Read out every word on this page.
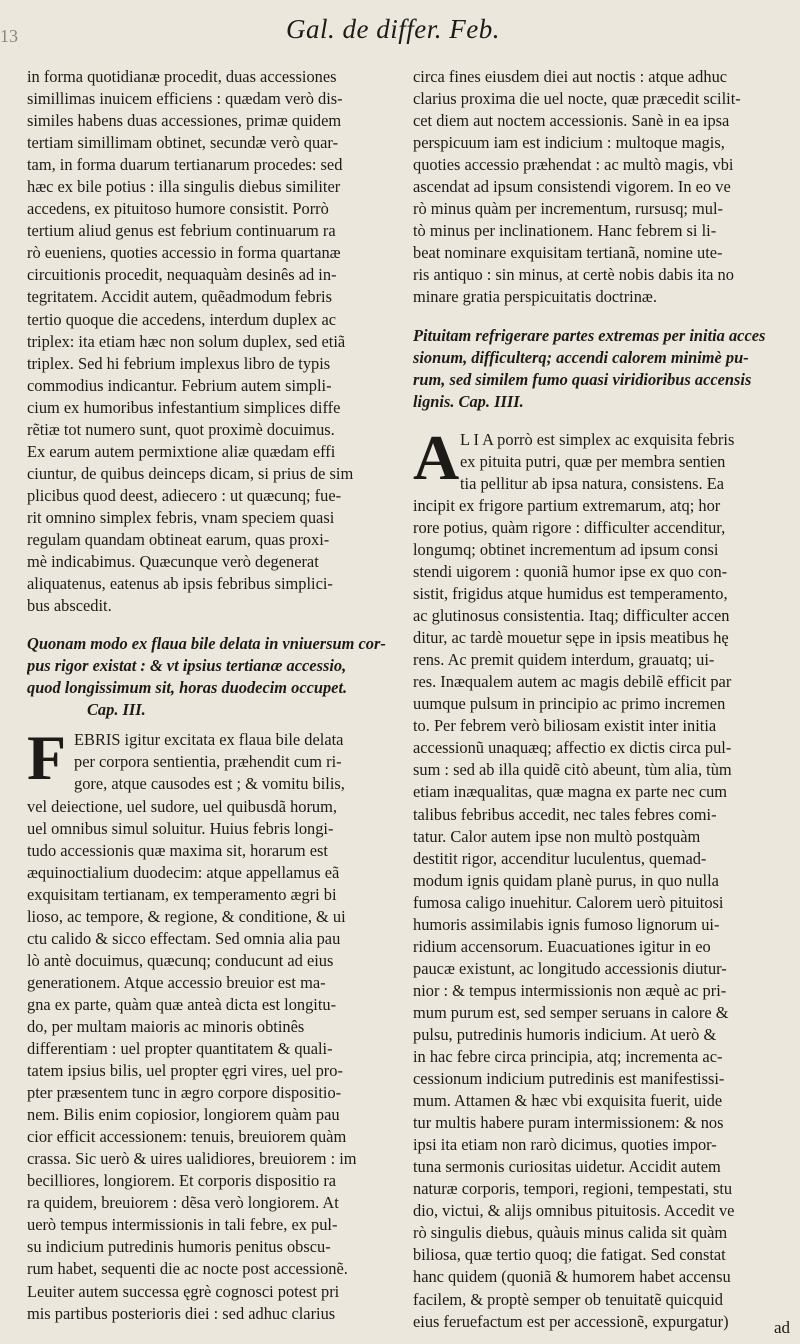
13	Gal. de differ. Feb.
in forma quotidianæ procedit, duas accessiones
simillimas inuicem efficiens : quædam verò dis-
similes habens duas accessiones, primæ quidem
tertiam simillimam obtinet, secundæ verò quar-
tam, in forma duarum tertianarum procedes: sed
hæc ex bile potius : illa singulis diebus similiter
accedens, ex pituitoso humore consistit. Porrò
tertium aliud genus est febrium continuarum ra
rò eueniens, quoties accessio in forma quartanæ
circuitionis procedit, nequaquàm desinês ad in-
tegritatem. Accidit autem, quẽadmodum febris
tertio quoque die accedens, interdum duplex ac
triplex: ita etiam hæc non solum duplex, sed etiã
triplex. Sed hi febrium implexus libro de typis
commodius indicantur. Febrium autem simpli-
cium ex humoribus infestantium simplices diffe
rẽtiæ tot numero sunt, quot proximè docuimus.
Ex earum autem permixtione aliæ quædam effi
ciuntur, de quibus deinceps dicam, si prius de sim
plicibus quod deest, adiecero : ut quæcunq; fue-
rit omnino simplex febris, vnam speciem quasi
regulam quandam obtineat earum, quas proxi-
mè indicabimus. Quæcunque verò degenerat
aliquatenus, eatenus ab ipsis febribus simplici-
bus abscedit.
Quonam modo ex flaua bile delata in vniuersum cor-
pus rigor existat : & vt ipsius tertianæ accessio,
quod longissimum sit, horas duodecim occupet.
Cap. III.
F EBRIS igitur excitata ex flaua bile delata
per corpora sentientia, præhendit cum ri-
gore, atque causodes est ; & vomitu bilis,
vel deiectione, uel sudore, uel quibusdã horum,
uel omnibus simul soluitur. Huius febris longi-
tudo accessionis quæ maxima sit, horarum est
æquinoctialium duodecim: atque appellamus eã
exquisitam tertianam, ex temperamento ægri bi
lioso, ac tempore, & regione, & conditione, & ui
ctu calido & sicco effectam. Sed omnia alia pau
lò antè docuimus, quæcunq; conducunt ad eius
generationem. Atque accessio breuior est ma-
gna ex parte, quàm quæ anteà dicta est longitu-
do, per multam maioris ac minoris obtinês
differentiam : uel propter quantitatem & quali-
tatem ipsius bilis, uel propter ęgri vires, uel pro-
pter præsentem tunc in ægro corpore dispositio-
nem. Bilis enim copiosior, longiorem quàm pau
cior efficit accessionem: tenuis, breuiorem quàm
crassa. Sic uerò & uires ualidiores, breuiorem : im
becilliores, longiorem. Et corporis dispositio ra
ra quidem, breuiorem : dẽsa verò longiorem. At
uerò tempus intermissionis in tali febre, ex pul-
su indicium putredinis humoris penitus obscu-
rum habet, sequenti die ac nocte post accessionẽ.
Leuiter autem successa ęgrè cognosci potest pri
mis partibus posterioris diei : sed adhuc clarius
circa fines eiusdem diei aut noctis : atque adhuc
clarius proxima die uel nocte, quæ præcedit scilit-
cet diem aut noctem accessionis. Sanè in ea ipsa
perspicuum iam est indicium : multoque magis,
quoties accessio præhendat : ac multò magis, vbi
ascendat ad ipsum consistendi vigorem. In eo ve
rò minus quàm per incrementum, rursusq; mul-
tò minus per inclinationem. Hanc febrem si li-
beat nominare exquisitam tertianã, nomine ute-
ris antiquo : sin minus, at certè nobis dabis ita no
minare gratia perspicuitatis doctrinæ.
Pituitam refrigerare partes extremas per initia acces
sionum, difficulterq; accendi calorem minimè pu-
rum, sed similem fumo quasi viridioribus accensis
lignis. Cap. IIII.
A L I A porrò est simplex ac exquisita febris
ex pituita putri, quæ per membra sentien
tia pellitur ab ipsa natura, consistens. Ea
incipit ex frigore partium extremarum, atq; hor
rore potius, quàm rigore : difficulter accenditur,
longumq; obtinet incrementum ad ipsum consi
stendi uigorem : quoniã humor ipse ex quo con-
sistit, frigidus atque humidus est temperamento,
ac glutinosus consistentia. Itaq; difficulter accen
ditur, ac tardè mouetur sępe in ipsis meatibus hę
rens. Ac premit quidem interdum, grauatq; ui-
res. Inæqualem autem ac magis debilẽ efficit par
uumque pulsum in principio ac primo incremen
to. Per febrem verò biliosam existit inter initia
accessionũ unaquæq; affectio ex dictis circa pul-
sum : sed ab illa quidẽ citò abeunt, tùm alia, tùm
etiam inæqualitas, quæ magna ex parte nec cum
talibus febribus accedit, nec tales febres comi-
tatur. Calor autem ipse non multò postquàm
destitit rigor, accenditur luculentus, quemad-
modum ignis quidam planè purus, in quo nulla
fumosa caligo inuehitur. Calorem uerò pituitosi
humoris assimilabis ignis fumoso lignorum ui-
ridium accensorum. Euacuationes igitur in eo
paucæ existunt, ac longitudo accessionis diutur-
nior : & tempus intermissionis non æquè ac pri-
mum purum est, sed semper seruans in calore &
pulsu, putredinis humoris indicium. At uerò &
in hac febre circa principia, atq; incrementa ac-
cessionum indicium putredinis est manifestissi-
mum. Attamen & hæc vbi exquisita fuerit, uide
tur multis habere puram intermissionem: & nos
ipsi ita etiam non rarò dicimus, quoties impor-
tuna sermonis curiositas uidetur. Accidit autem
naturæ corporis, tempori, regioni, tempestati, stu
dio, victui, & alijs omnibus pituitosis. Accedit ve
rò singulis diebus, quàuis minus calida sit quàm
biliosa, quæ tertio quoq; die fatigat. Sed constat
hanc quidem (quoniã & humorem habet accensu
facilem, & proptè semper ob tenuitatẽ quicquid
eius feruefactum est per accessionẽ, expurgatur)	ad
